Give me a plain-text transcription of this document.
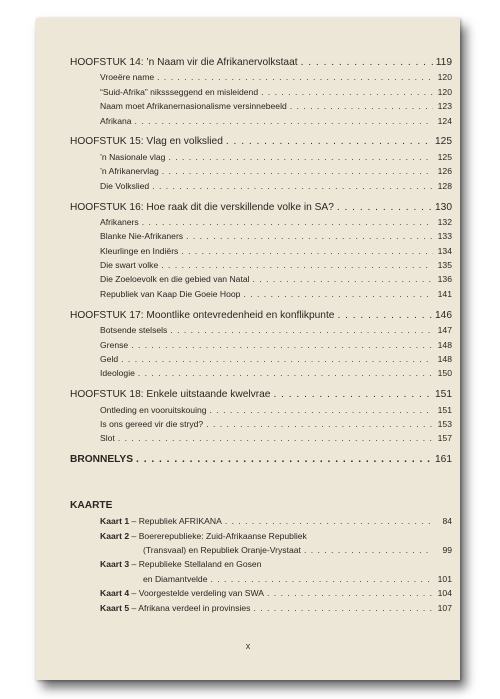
HOOFSTUK 14: ’n Naam vir die Afrikanervolkstaat . . .	119
Vroeëre name . . .	120
“Suid-Afrika” nikssseggend en misleidend . . .	120
Naam moet Afrikanernasionalisme versinnebeeld . . .	123
Afrikana . . .	124
HOOFSTUK 15: Vlag en volkslied . . .	125
’n Nasionale vlag . . .	125
’n Afrikanervlag . . .	126
Die Volkslied . . .	128
HOOFSTUK 16: Hoe raak dit die verskillende volke in SA? . . .	130
Afrikaners . . .	132
Blanke Nie-Afrikaners . . .	133
Kleurlinge en Indiërs . . .	134
Die swart volke . . .	135
Die Zoeloevolk en die gebied van Natal . . .	136
Republiek van Kaap Die Goeie Hoop . . .	141
HOOFSTUK 17: Moontlike ontevredenheid en konflikpunte . . .	146
Botsende stelsels . . .	147
Grense . . .	148
Geld . . .	148
Ideologie . . .	150
HOOFSTUK 18: Enkele uitstaande kwelvrae . . .	151
Ontleding en vooruitskouing . . .	151
Is ons gereed vir die stryd? . . .	153
Slot . . .	157
BRONNELYS . . .	161
KAARTE
Kaart 1 – Republiek AFRIKANA . . .	84
Kaart 2 – Boererepublieke: Zuid-Afrikaanse Republiek
(Transvaal) en Republiek Oranje-Vrystaat . . .	99
Kaart 3 – Republieke Stellaland en Gosen
en Diamantvelde . . .	101
Kaart 4 – Voorgestelde verdeling van SWA . . .	104
Kaart 5 – Afrikana verdeel in provinsies . . .	107
x
